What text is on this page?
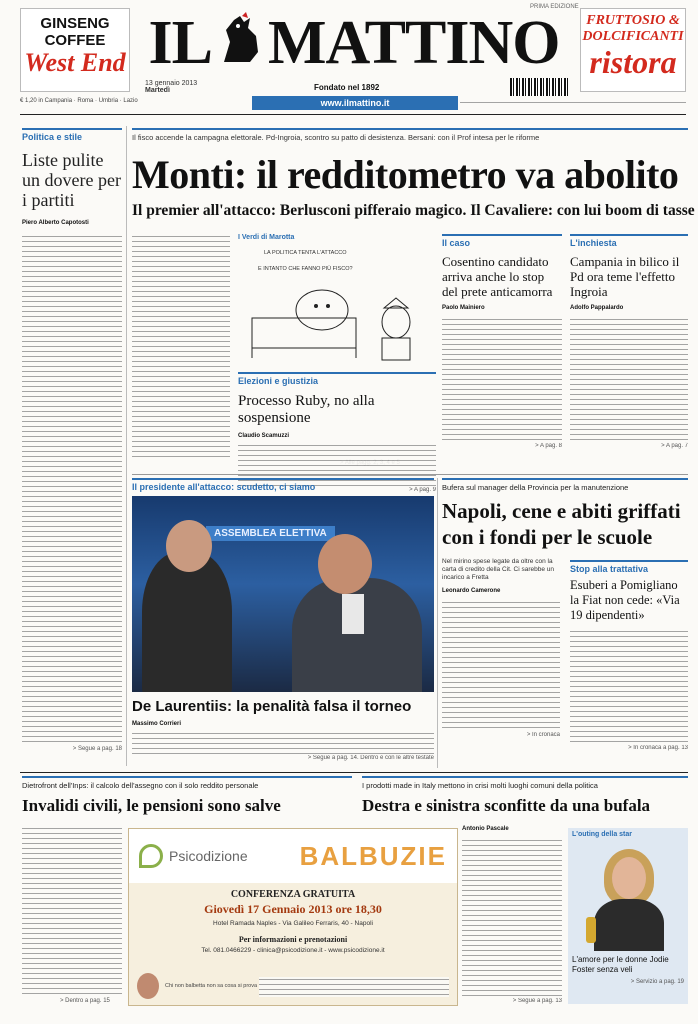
GINSENG
COFFEE
West End IL MATTINO
PRIMA EDIZIONE
FRUTTOSIO &
DOLCIFICANTI
ristora
13 gennaio 2013
Martedì	Fondato nel 1892
€ 1,20 in Campania · Roma · Umbria · Lazio	www.ilmattino.it
Politica e stile
Liste pulite un dovere per i partiti
Piero Alberto Capotosti
> Segue a pag. 18
Il fisco accende la campagna elettorale. Pd-Ingroia, scontro su patto di desistenza. Bersani: con il Prof intesa per le riforme
Monti: il redditometro va abolito
Il premier all'attacco: Berlusconi pifferaio magico. Il Cavaliere: con lui boom di tasse
I Verdi di Marotta
LA POLITICA TENTA L'ATTACCO
E INTANTO CHE FANNO PIÙ FISCO?
Elezioni e giustizia
Processo Ruby, no alla sospensione
Claudio Scamuzzi
> A pag. 9
Il caso
Cosentino candidato arriva anche lo stop del prete anticamorra
Paolo Mainiero
> A pag. 8
L'inchiesta
Campania in bilico il Pd ora teme l'effetto Ingroia
Adolfo Pappalardo
> A pag. 7
Il presidente all'attacco: scudetto, ci siamo
ASSEMBLEA ELETTIVA
De Laurentiis: la penalità falsa il torneo
Massimo Corrieri
> Segue a pag. 14. Dentro e con le altre testate
Bufera sul manager della Provincia per la manutenzione
Napoli, cene e abiti griffati con i fondi per le scuole
Nel mirino spese legate da oltre con la carta di credito della Cit. Ci sarebbe un incarico a Fretta
Leonardo Camerone
> In cronaca
Stop alla trattativa
Esuberi a Pomigliano la Fiat non cede: «Via 19 dipendenti»
> In cronaca a pag. 13
Dietrofront dell'Inps: il calcolo dell'assegno con il solo reddito personale
Invalidi civili, le pensioni sono salve
I prodotti made in Italy mettono in crisi molti luoghi comuni della politica
Destra e sinistra sconfitte da una bufala
> Dentro a pag. 15
Psicodizione BALBUZIE
CONFERENZA GRATUITA
Giovedì 17 Gennaio 2013 ore 18,30
Hotel Ramada Naples - Via Galileo Ferraris, 40 - Napoli
Per informazioni e prenotazioni
Tel. 081.0466229 - clinica@psicodizione.it - www.psicodizione.it
Chi non balbetta non sa cosa si prova
Antonio Pascale
> Segue a pag. 13
L'outing della star
L'amore per le donne Jodie Foster senza veli
> Servizio a pag. 19
